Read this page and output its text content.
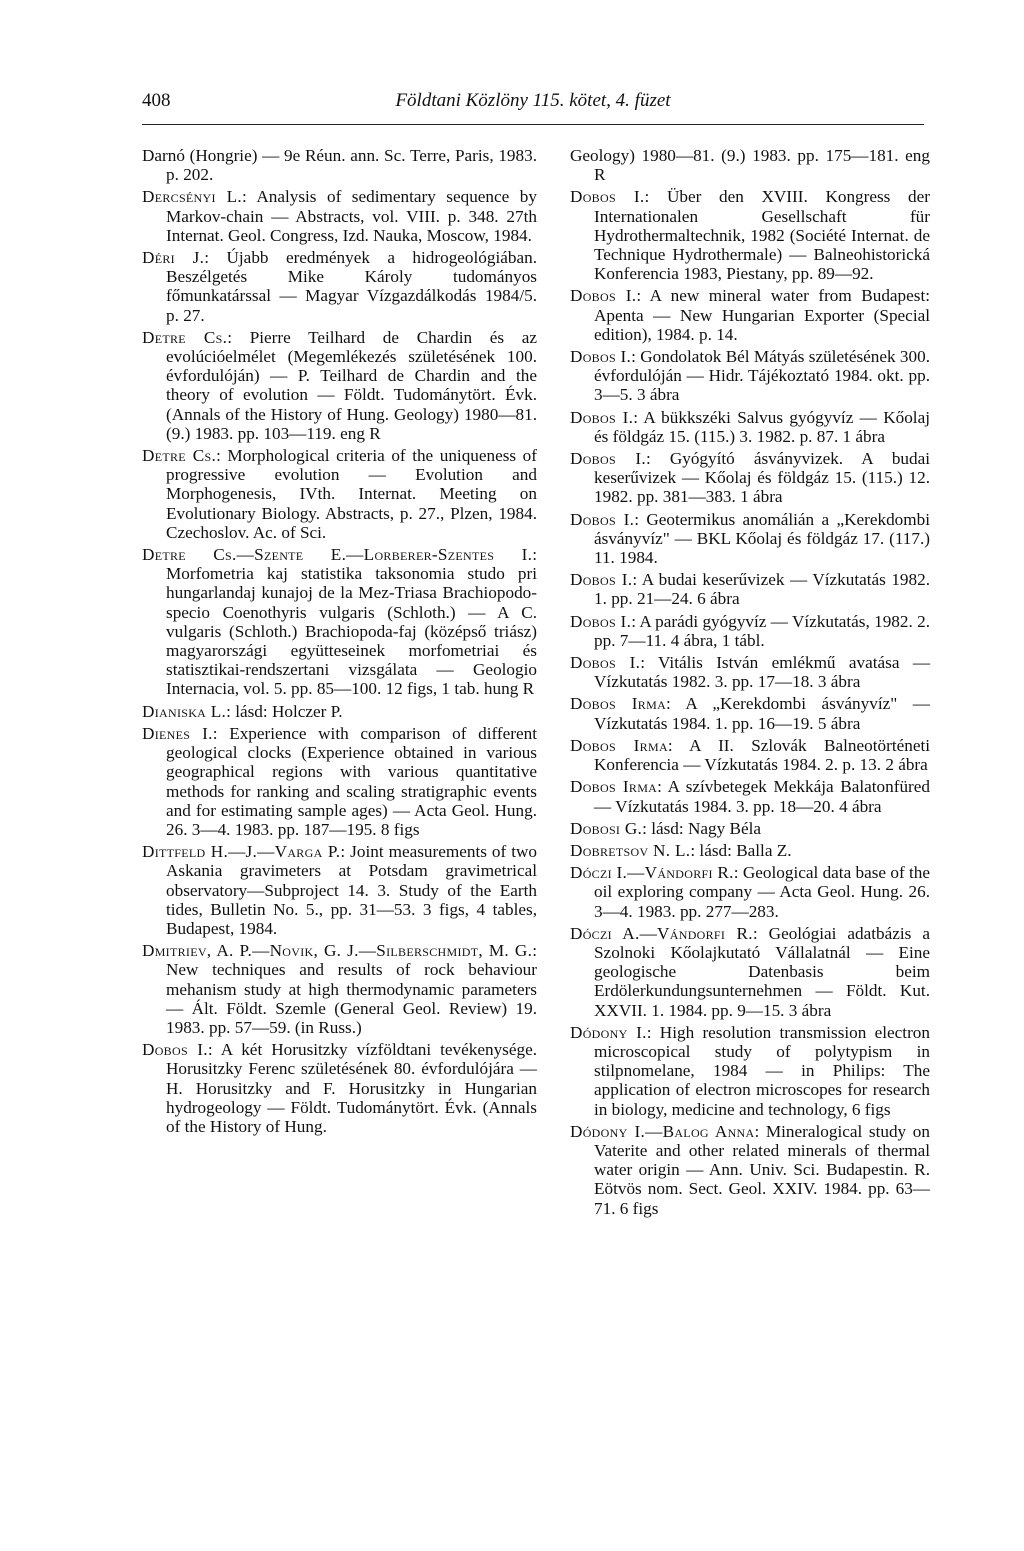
408	Földtani Közlöny 115. kötet, 4. füzet

Darnó (Hongrie) — 9e Réun. ann. Sc. Terre, Paris, 1983. p. 202.

Dercsényi L.: Analysis of sedimentary sequence by Markov-chain — Abstracts, vol. VIII. p. 348. 27th Internat. Geol. Congress, Izd. Nauka, Moscow, 1984.

Déri J.: Újabb eredmények a hidrogeológiában. Beszélgetés Mike Károly tudományos főmunkatárssal — Magyar Vízgazdálkodás 1984/5. p. 27.

Detre Cs.: Pierre Teilhard de Chardin és az evolúcióelmélet (Megemlékezés születésének 100. évfordulóján) — P. Teilhard de Chardin and the theory of evolution — Földt. Tudománytört. Évk. (Annals of the History of Hung. Geology) 1980—81. (9.) 1983. pp. 103—119. eng R

Detre Cs.: Morphological criteria of the uniqueness of progressive evolution — Evolution and Morphogenesis, IVth. Internat. Meeting on Evolutionary Biology. Abstracts, p. 27., Plzen, 1984. Czechoslov. Ac. of Sci.

Detre Cs.—Szente E.—Lorberer-Szentes I.: Morfometria kaj statistika taksonomia studo pri hungarlandaj kunajoj de la Mez-Triasa Brachiopodo-specio Coenothyris vulgaris (Schloth.) — A C. vulgaris (Schloth.) Brachiopoda-faj (középső triász) magyarországi együtteseinek morfometriai és statisztikai-rendszertani vizsgálata — Geologio Internacia, vol. 5. pp. 85—100. 12 figs, 1 tab. hung R

Dianiska L.: lásd: Holczer P.

Dienes I.: Experience with comparison of different geological clocks (Experience obtained in various geographical regions with various quantitative methods for ranking and scaling stratigraphic events and for estimating sample ages) — Acta Geol. Hung. 26. 3—4. 1983. pp. 187—195. 8 figs

Dittfeld H.—J.—Varga P.: Joint measurements of two Askania gravimeters at Potsdam gravimetrical observatory—Subproject 14. 3. Study of the Earth tides, Bulletin No. 5., pp. 31—53. 3 figs, 4 tables, Budapest, 1984.

Dmitriev, A. P.—Novik, G. J.—Silberschmidt, M. G.: New techniques and results of rock behaviour mehanism study at high thermodynamic parameters — Ált. Földt. Szemle (General Geol. Review) 19. 1983. pp. 57—59. (in Russ.)

Dobos I.: A két Horusitzky vízföldtani tevékenysége. Horusitzky Ferenc születésének 80. évfordulójára — H. Horusitzky and F. Horusitzky in Hungarian hydrogeology — Földt. Tudománytört. Évk. (Annals of the History of Hung.

Geology) 1980—81. (9.) 1983. pp. 175—181. eng R

Dobos I.: Über den XVIII. Kongress der Internationalen Gesellschaft für Hydrothermaltechnik, 1982 (Société Internat. de Technique Hydrothermale) — Balneohistorická Konferencia 1983, Piestany, pp. 89—92.

Dobos I.: A new mineral water from Budapest: Apenta — New Hungarian Exporter (Special edition), 1984. p. 14.

Dobos I.: Gondolatok Bél Mátyás születésének 300. évfordulóján — Hidr. Tájékoztató 1984. okt. pp. 3—5. 3 ábra

Dobos I.: A bükkszéki Salvus gyógyvíz — Kőolaj és földgáz 15. (115.) 3. 1982. p. 87. 1 ábra

Dobos I.: Gyógyító ásványvizek. A budai keserűvizek — Kőolaj és földgáz 15. (115.) 12. 1982. pp. 381—383. 1 ábra

Dobos I.: Geotermikus anomálián a „Kerekdombi ásványvíz" — BKL Kőolaj és földgáz 17. (117.) 11. 1984.

Dobos I.: A budai keserűvizek — Vízkutatás 1982. 1. pp. 21—24. 6 ábra

Dobos I.: A parádi gyógyvíz — Vízkutatás, 1982. 2. pp. 7—11. 4 ábra, 1 tábl.

Dobos I.: Vitális István emlékmű avatása — Vízkutatás 1982. 3. pp. 17—18. 3 ábra

Dobos Irma: A „Kerekdombi ásványvíz" — Vízkutatás 1984. 1. pp. 16—19. 5 ábra

Dobos Irma: A II. Szlovák Balneotörténeti Konferencia — Vízkutatás 1984. 2. p. 13. 2 ábra

Dobos Irma: A szívbetegek Mekkája Balatonfüred — Vízkutatás 1984. 3. pp. 18—20. 4 ábra

Dobosi G.: lásd: Nagy Béla

Dobretsov N. L.: lásd: Balla Z.

Dóczi I.—Vándorfi R.: Geological data base of the oil exploring company — Acta Geol. Hung. 26. 3—4. 1983. pp. 277—283.

Dóczi A.—Vándorfi R.: Geológiai adatbázis a Szolnoki Kőolajkutató Vállalatnál — Eine geologische Datenbasis beim Erdölerkundungsunternehmen — Földt. Kut. XXVII. 1. 1984. pp. 9—15. 3 ábra

Dódony I.: High resolution transmission electron microscopical study of polytypism in stilpnomelane, 1984 — in Philips: The application of electron microscopes for research in biology, medicine and technology, 6 figs

Dódony I.—Balog Anna: Mineralogical study on Vaterite and other related minerals of thermal water origin — Ann. Univ. Sci. Budapestin. R. Eötvös nom. Sect. Geol. XXIV. 1984. pp. 63—71. 6 figs
